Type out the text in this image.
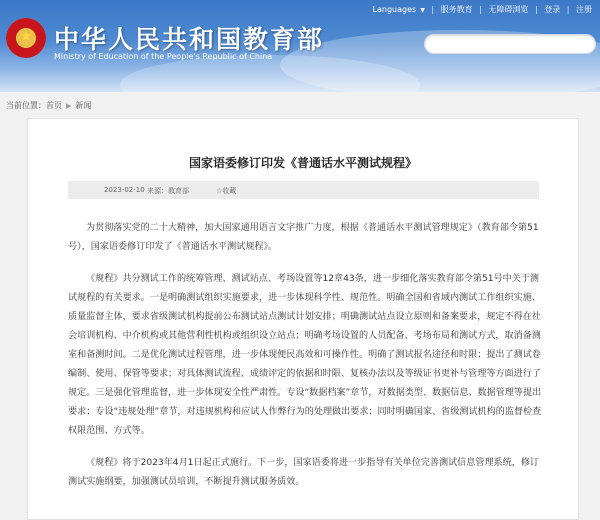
★ 中华人民共和国教育部
Ministry of Education of the People's Republic of China
Languages ▼ | 服务教育 | 无障碍浏览 | 登录 | 注册
当前位置：首页 ▶ 新闻
国家语委修订印发《普通话水平测试规程》
2023-02-10 来源：教育部	☆收藏

为贯彻落实党的二十大精神，加大国家通用语言文字推广力度，根据《普通话水平测试管理规定》（教育部令第51号），国家语委修订印发了《普通话水平测试规程》。

《规程》共分测试工作的统筹管理、测试站点、考场设置等12章43条，进一步细化落实教育部令第51号中关于测试规程的有关要求。一是明确测试组织实施要求，进一步体现科学性、规范性。明确全国和省域内测试工作组织实施、质量监督主体，要求省级测试机构提前公布测试站点测试计划安排；明确测试站点设立原则和备案要求，规定不得在社会培训机构、中介机构或其他营利性机构或组织设立站点；明确考场设置的人员配备、考场布局和测试方式，取消备测室和备测时间。二是优化测试过程管理，进一步体现便民高效和可操作性。明确了测试报名途径和时限；提出了测试卷编制、使用、保管等要求；对具体测试流程、成绩评定的依据和时限、复核办法以及等级证书更补与管理等方面进行了规定。三是强化管理监督，进一步体现安全性严肃性。专设“数据档案”章节，对数据类型、数据信息、数据管理等提出要求；专设“违规处理”章节，对违规机构和应试人作弊行为的处理做出要求；同时明确国家、省级测试机构的监督检查权限范围、方式等。

《规程》将于2023年4月1日起正式施行。下一步，国家语委将进一步指导有关单位完善测试信息管理系统，修订测试实施纲要，加强测试员培训，不断提升测试服务质效。
